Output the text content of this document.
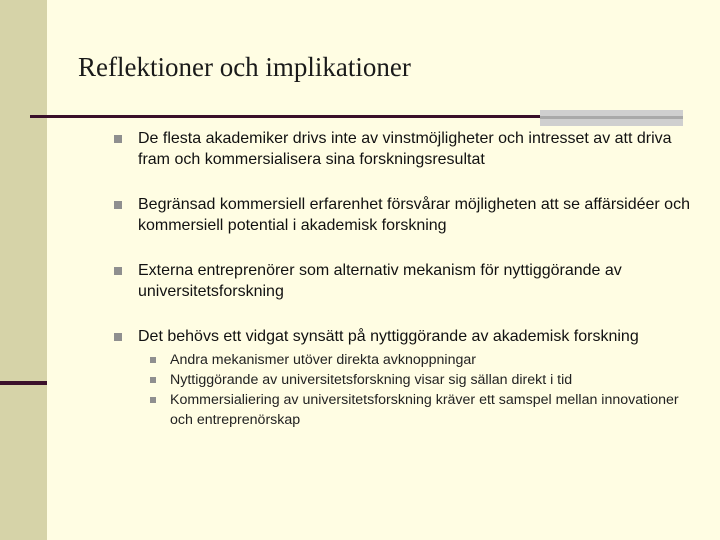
Reflektioner och implikationer
De flesta akademiker drivs inte av vinstmöjligheter och intresset av att driva fram och kommersialisera sina forskningsresultat
Begränsad kommersiell erfarenhet försvårar möjligheten att se affärsidéer och kommersiell potential i akademisk forskning
Externa entreprenörer som alternativ mekanism för nyttiggörande av universitetsforskning
Det behövs ett vidgat synsätt på nyttiggörande av akademisk forskning
Andra mekanismer utöver direkta avknoppningar
Nyttiggörande av universitetsforskning visar sig sällan direkt i tid
Kommersialiering av universitetsforskning kräver ett samspel mellan innovationer och entreprenörskap
